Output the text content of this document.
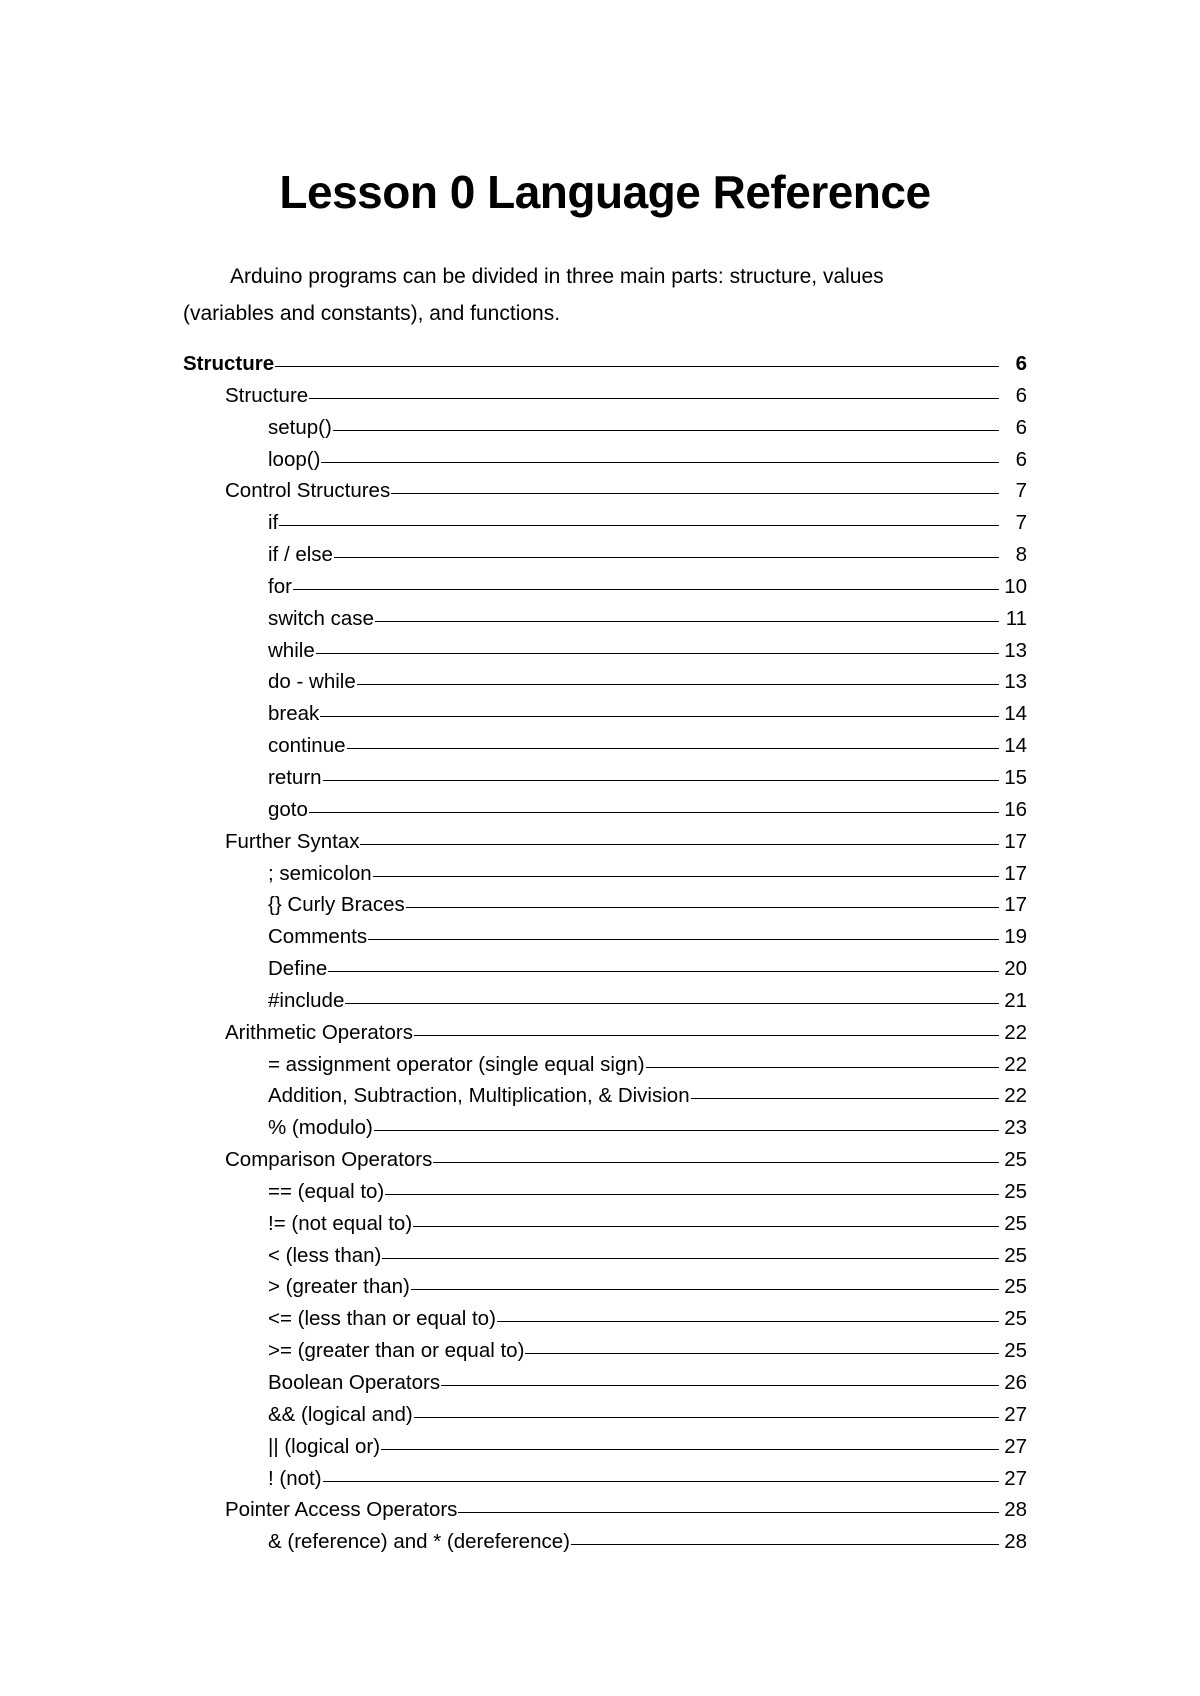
Lesson 0 Language Reference
Arduino programs can be divided in three main parts: structure, values
(variables and constants), and functions.
Structure	6
Structure	6
setup()	6
loop()	6
Control Structures	7
if	7
if / else	8
for	10
switch case	11
while	13
do - while	13
break	14
continue	14
return	15
goto	16
Further Syntax	17
; semicolon	17
{} Curly Braces	17
Comments	19
Define	20
#include	21
Arithmetic Operators	22
= assignment operator (single equal sign)	22
Addition, Subtraction, Multiplication, & Division	22
% (modulo)	23
Comparison Operators	25
== (equal to)	25
!= (not equal to)	25
< (less than)	25
> (greater than)	25
<= (less than or equal to)	25
>= (greater than or equal to)	25
Boolean Operators	26
&& (logical and)	27
|| (logical or)	27
! (not)	27
Pointer Access Operators	28
& (reference) and * (dereference)	28
